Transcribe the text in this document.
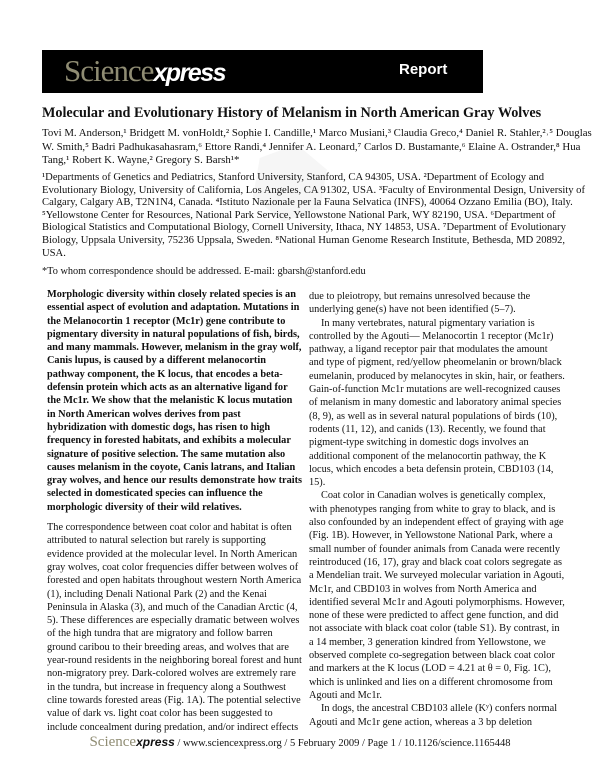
Sciencexpress	Report
Molecular and Evolutionary History of Melanism in North American Gray Wolves
Tovi M. Anderson,¹ Bridgett M. vonHoldt,² Sophie I. Candille,¹ Marco Musiani,³ Claudia Greco,⁴ Daniel R. Stahler,²˒⁵ Douglas
W. Smith,⁵ Badri Padhukasahasram,⁶ Ettore Randi,⁴ Jennifer A. Leonard,⁷ Carlos D. Bustamante,⁶ Elaine A. Ostrander,⁸ Hua
Tang,¹ Robert K. Wayne,² Gregory S. Barsh¹*
¹Departments of Genetics and Pediatrics, Stanford University, Stanford, CA 94305, USA. ²Department of Ecology and
Evolutionary Biology, University of California, Los Angeles, CA 91302, USA. ³Faculty of Environmental Design, University of
Calgary, Calgary AB, T2N1N4, Canada. ⁴Istituto Nazionale per la Fauna Selvatica (INFS), 40064 Ozzano Emilia (BO), Italy.
⁵Yellowstone Center for Resources, National Park Service, Yellowstone National Park, WY 82190, USA. ⁶Department of
Biological Statistics and Computational Biology, Cornell University, Ithaca, NY 14853, USA. ⁷Department of Evolutionary
Biology, Uppsala University, 75236 Uppsala, Sweden. ⁸National Human Genome Research Institute, Bethesda, MD 20892,
USA.
*To whom correspondence should be addressed. E-mail: gbarsh@stanford.edu
Morphologic diversity within closely related species is an
essential aspect of evolution and adaptation. Mutations in
the Melanocortin 1 receptor (Mc1r) gene contribute to
pigmentary diversity in natural populations of fish, birds,
and many mammals. However, melanism in the gray wolf,
Canis lupus, is caused by a different melanocortin
pathway component, the K locus, that encodes a beta-
defensin protein which acts as an alternative ligand for
the Mc1r. We show that the melanistic K locus mutation
in North American wolves derives from past
hybridization with domestic dogs, has risen to high
frequency in forested habitats, and exhibits a molecular
signature of positive selection. The same mutation also
causes melanism in the coyote, Canis latrans, and Italian
gray wolves, and hence our results demonstrate how traits
selected in domesticated species can influence the
morphologic diversity of their wild relatives.
The correspondence between coat color and habitat is often
attributed to natural selection but rarely is supporting
evidence provided at the molecular level. In North American
gray wolves, coat color frequencies differ between wolves of
forested and open habitats throughout western North America
(1), including Denali National Park (2) and the Kenai
Peninsula in Alaska (3), and much of the Canadian Arctic (4,
5). These differences are especially dramatic between wolves
of the high tundra that are migratory and follow barren
ground caribou to their breeding areas, and wolves that are
year-round residents in the neighboring boreal forest and hunt
non-migratory prey. Dark-colored wolves are extremely rare
in the tundra, but increase in frequency along a Southwest
cline towards forested areas (Fig. 1A). The potential selective
value of dark vs. light coat color has been suggested to
include concealment during predation, and/or indirect effects
due to pleiotropy, but remains unresolved because the
underlying gene(s) have not been identified (5–7).
In many vertebrates, natural pigmentary variation is
controlled by the Agouti— Melanocortin 1 receptor (Mc1r)
pathway, a ligand receptor pair that modulates the amount
and type of pigment, red/yellow pheomelanin or brown/black
eumelanin, produced by melanocytes in skin, hair, or feathers.
Gain-of-function Mc1r mutations are well-recognized causes
of melanism in many domestic and laboratory animal species
(8, 9), as well as in several natural populations of birds (10),
rodents (11, 12), and canids (13). Recently, we found that
pigment-type switching in domestic dogs involves an
additional component of the melanocortin pathway, the K
locus, which encodes a beta defensin protein, CBD103 (14,
15).
Coat color in Canadian wolves is genetically complex,
with phenotypes ranging from white to gray to black, and is
also confounded by an independent effect of graying with age
(Fig. 1B). However, in Yellowstone National Park, where a
small number of founder animals from Canada were recently
reintroduced (16, 17), gray and black coat colors segregate as
a Mendelian trait. We surveyed molecular variation in Agouti,
Mc1r, and CBD103 in wolves from North America and
identified several Mc1r and Agouti polymorphisms. However,
none of these were predicted to affect gene function, and did
not associate with black coat color (table S1). By contrast, in
a 14 member, 3 generation kindred from Yellowstone, we
observed complete co-segregation between black coat color
and markers at the K locus (LOD = 4.21 at θ = 0, Fig. 1C),
which is unlinked and lies on a different chromosome from
Agouti and Mc1r.
In dogs, the ancestral CBD103 allele (Kʸ) confers normal
Agouti and Mc1r gene action, whereas a 3 bp deletion
Sciencexpress / www.sciencexpress.org / 5 February 2009 / Page 1 / 10.1126/science.1165448
